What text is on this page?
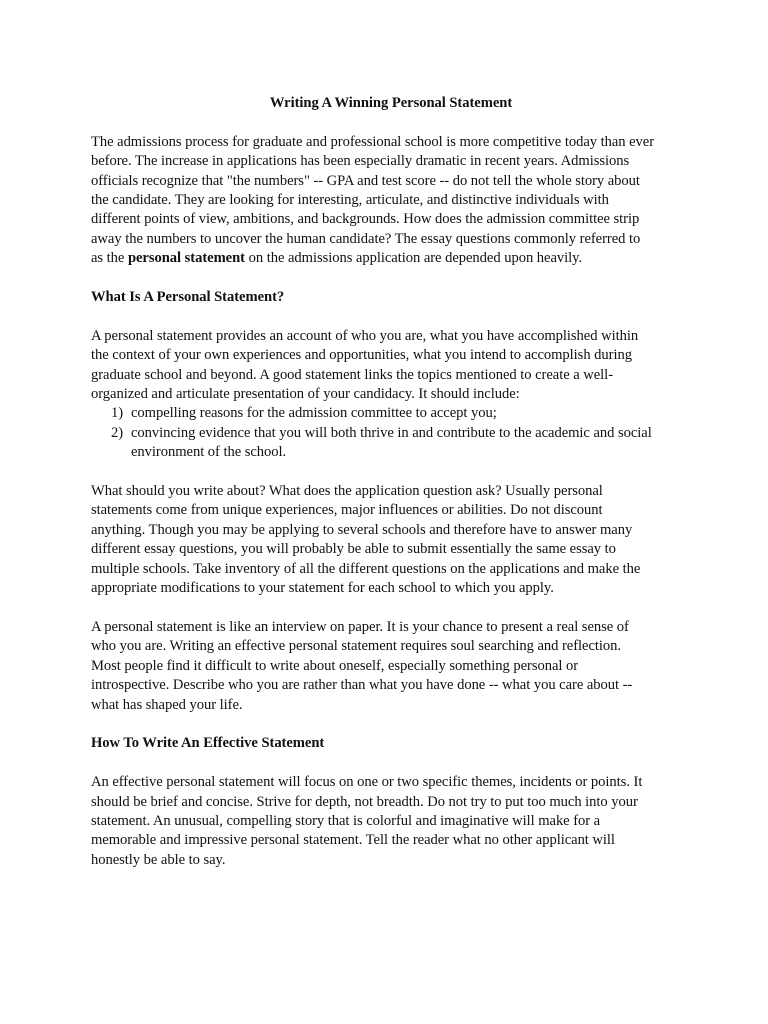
Writing A Winning Personal Statement
The admissions process for graduate and professional school is more competitive today than ever
before. The increase in applications has been especially dramatic in recent years. Admissions
officials recognize that "the numbers" -- GPA and test score -- do not tell the whole story about
the candidate. They are looking for interesting, articulate, and distinctive individuals with
different points of view, ambitions, and backgrounds. How does the admission committee strip
away the numbers to uncover the human candidate? The essay questions commonly referred to
as the personal statement on the admissions application are depended upon heavily.
What Is A Personal Statement?
A personal statement provides an account of who you are, what you have accomplished within
the context of your own experiences and opportunities, what you intend to accomplish during
graduate school and beyond. A good statement links the topics mentioned to create a well-
organized and articulate presentation of your candidacy. It should include:
1) compelling reasons for the admission committee to accept you;
2) convincing evidence that you will both thrive in and contribute to the academic and social
environment of the school.
What should you write about? What does the application question ask? Usually personal
statements come from unique experiences, major influences or abilities. Do not discount
anything. Though you may be applying to several schools and therefore have to answer many
different essay questions, you will probably be able to submit essentially the same essay to
multiple schools. Take inventory of all the different questions on the applications and make the
appropriate modifications to your statement for each school to which you apply.
A personal statement is like an interview on paper. It is your chance to present a real sense of
who you are. Writing an effective personal statement requires soul searching and reflection.
Most people find it difficult to write about oneself, especially something personal or
introspective. Describe who you are rather than what you have done -- what you care about --
what has shaped your life.
How To Write An Effective Statement
An effective personal statement will focus on one or two specific themes, incidents or points. It
should be brief and concise. Strive for depth, not breadth. Do not try to put too much into your
statement. An unusual, compelling story that is colorful and imaginative will make for a
memorable and impressive personal statement. Tell the reader what no other applicant will
honestly be able to say.
